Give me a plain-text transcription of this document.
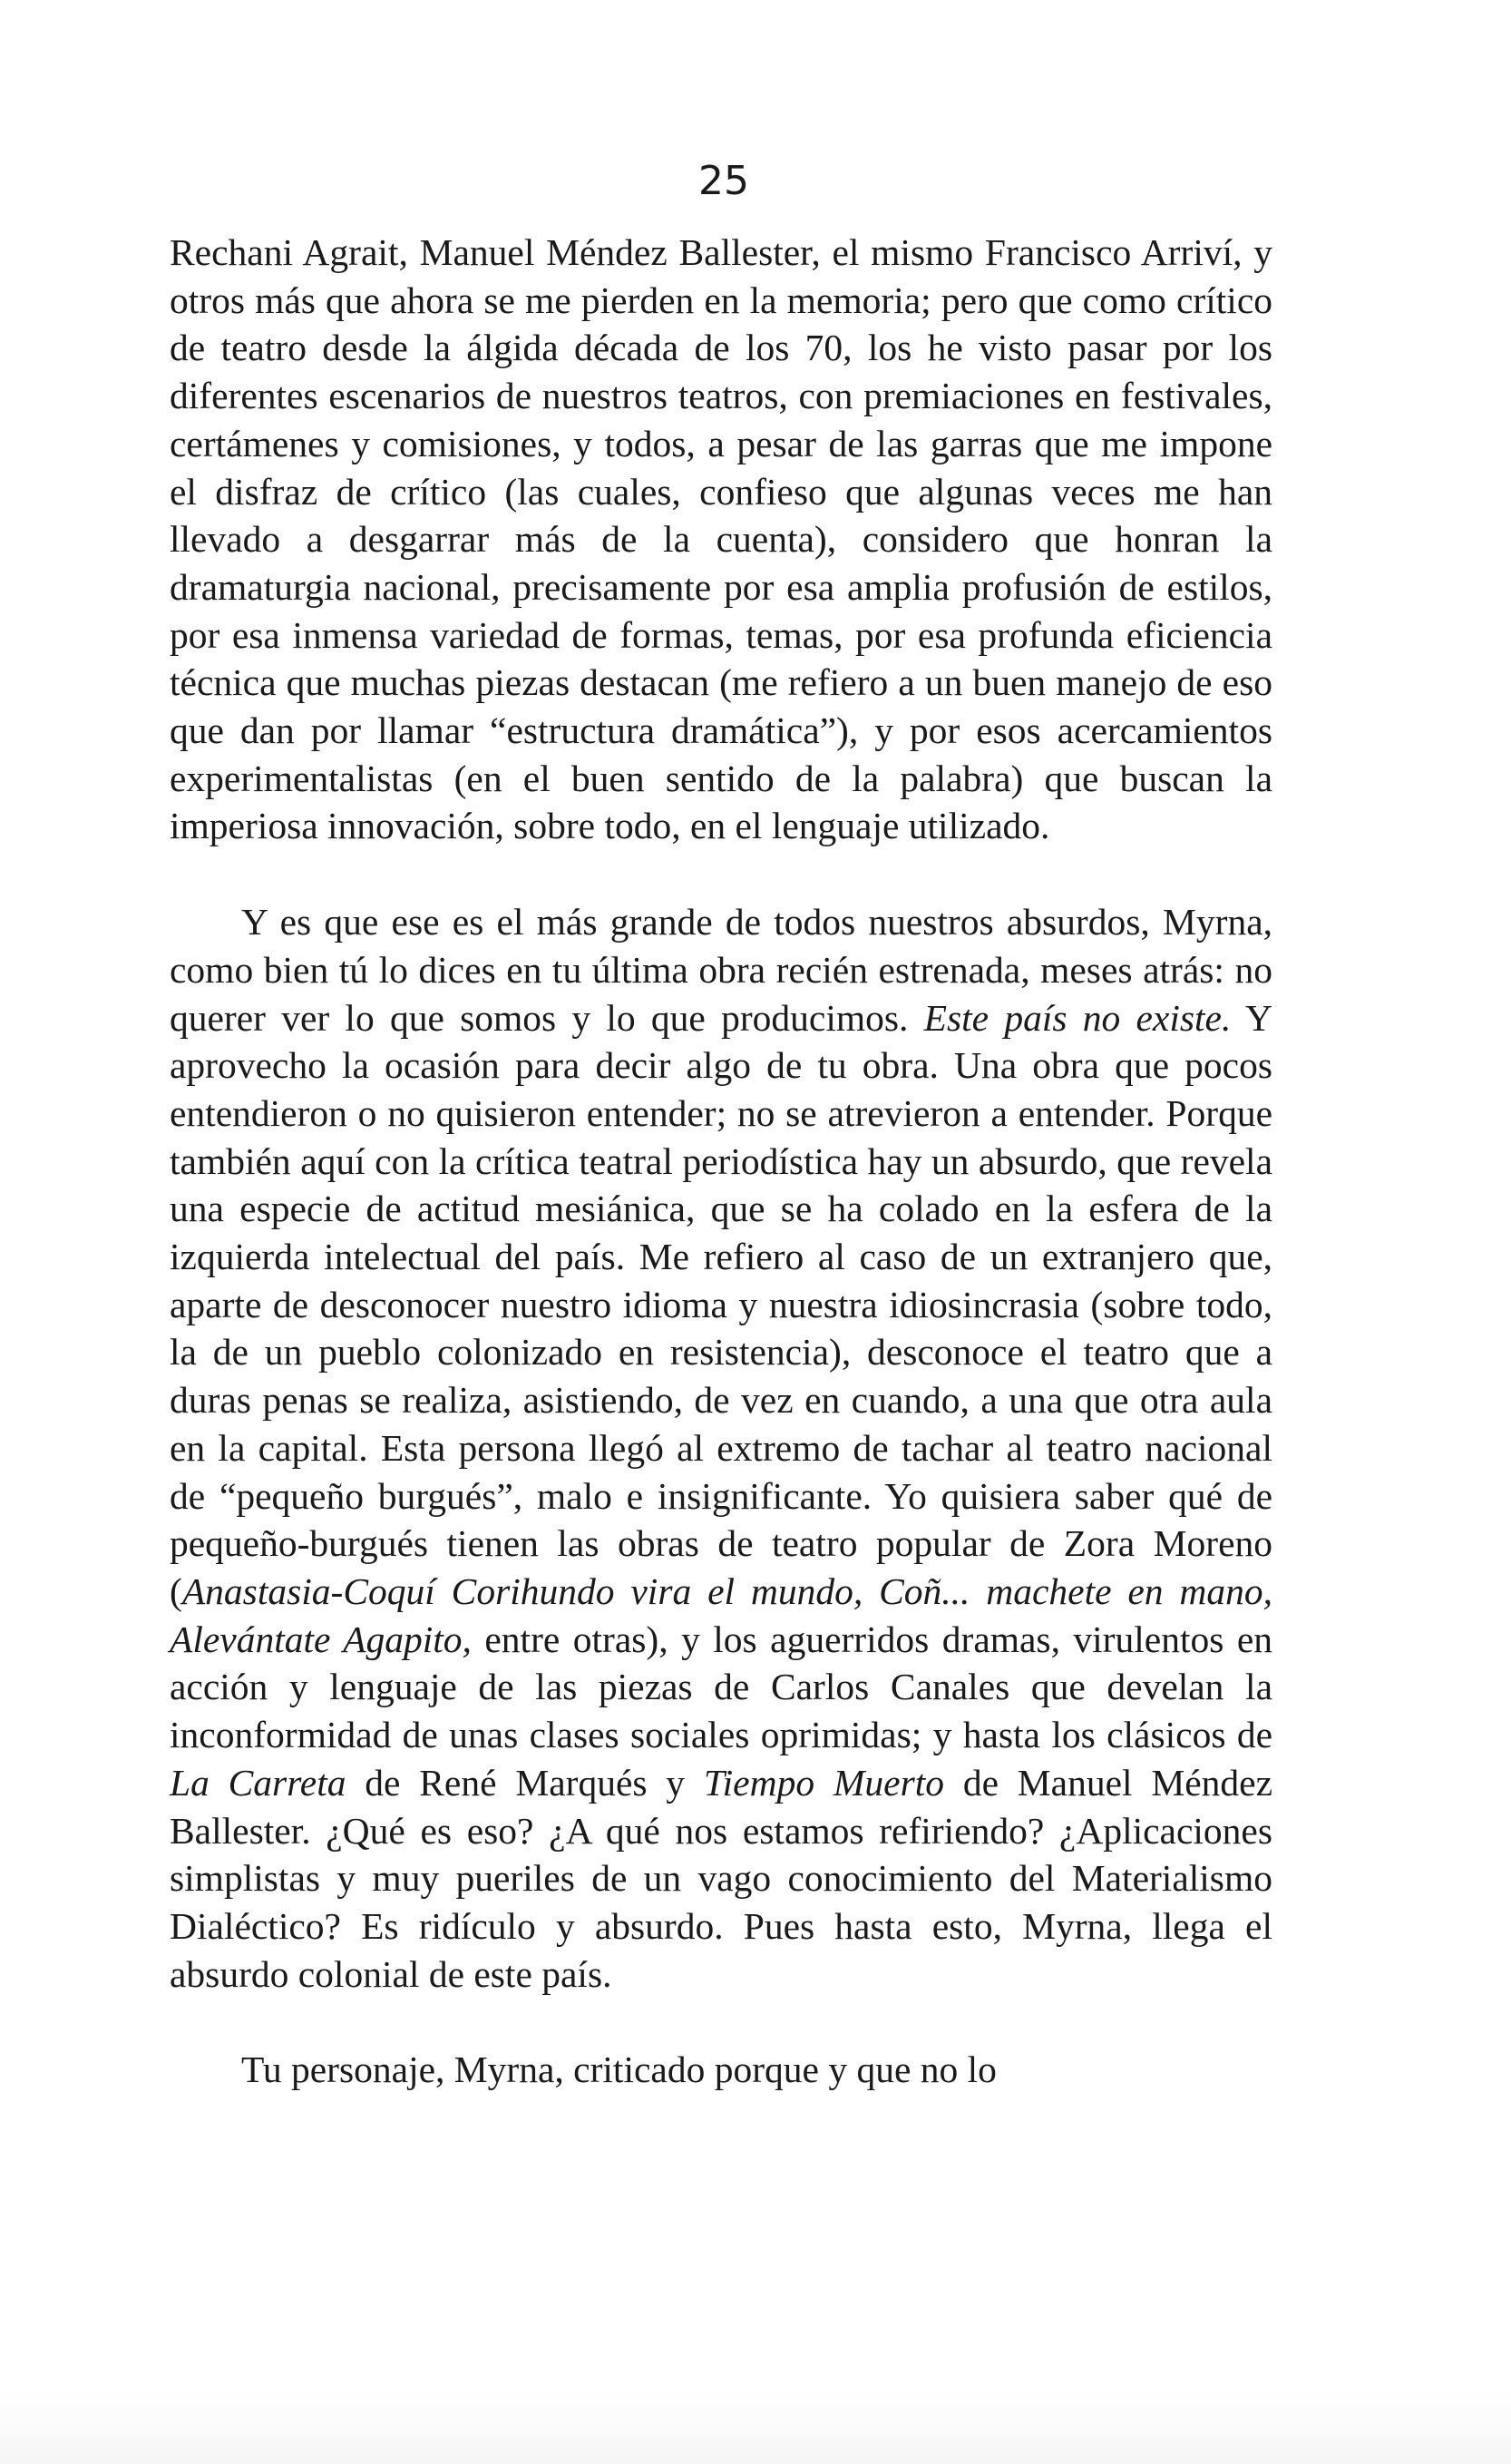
25

Rechani Agrait, Manuel Méndez Ballester, el mismo Francisco Arriví, y otros más que ahora se me pierden en la memoria; pero que como crítico de teatro desde la álgida década de los 70, los he visto pasar por los diferentes escenarios de nuestros teatros, con premiaciones en festivales, certámenes y comisiones, y todos, a pesar de las garras que me impone el disfraz de crítico (las cuales, confieso que algunas veces me han llevado a desgarrar más de la cuenta), considero que honran la dramaturgia nacional, precisamente por esa amplia profusión de estilos, por esa inmensa variedad de formas, temas, por esa profunda eficiencia técnica que muchas piezas destacan (me refiero a un buen manejo de eso que dan por llamar “estructura dramática”), y por esos acercamientos experimentalistas (en el buen sentido de la palabra) que buscan la imperiosa innovación, sobre todo, en el lenguaje utilizado.

Y es que ese es el más grande de todos nuestros absurdos, Myrna, como bien tú lo dices en tu última obra recién estrenada, meses atrás: no querer ver lo que somos y lo que producimos. Este país no existe. Y aprovecho la ocasión para decir algo de tu obra. Una obra que pocos entendieron o no quisieron entender; no se atrevieron a entender. Porque también aquí con la crítica teatral periodística hay un absurdo, que revela una especie de actitud mesiánica, que se ha colado en la esfera de la izquierda intelectual del país. Me refiero al caso de un extranjero que, aparte de desconocer nuestro idioma y nuestra idiosincrasia (sobre todo, la de un pueblo colonizado en resistencia), desconoce el teatro que a duras penas se realiza, asistiendo, de vez en cuando, a una que otra aula en la capital. Esta persona llegó al extremo de tachar al teatro nacional de “pequeño burgués”, malo e insignificante. Yo quisiera saber qué de pequeño-burgués tienen las obras de teatro popular de Zora Moreno (Anastasia-Coquí Corihundo vira el mundo, Coñ... machete en mano, Alevántate Agapito, entre otras), y los aguerridos dramas, virulentos en acción y lenguaje de las piezas de Carlos Canales que develan la inconformidad de unas clases sociales oprimidas; y hasta los clásicos de La Carreta de René Marqués y Tiempo Muerto de Manuel Méndez Ballester. ¿Qué es eso? ¿A qué nos estamos refiriendo? ¿Aplicaciones simplistas y muy pueriles de un vago conocimiento del Materialismo Dialéctico? Es ridículo y absurdo. Pues hasta esto, Myrna, llega el absurdo colonial de este país.

Tu personaje, Myrna, criticado porque y que no lo
